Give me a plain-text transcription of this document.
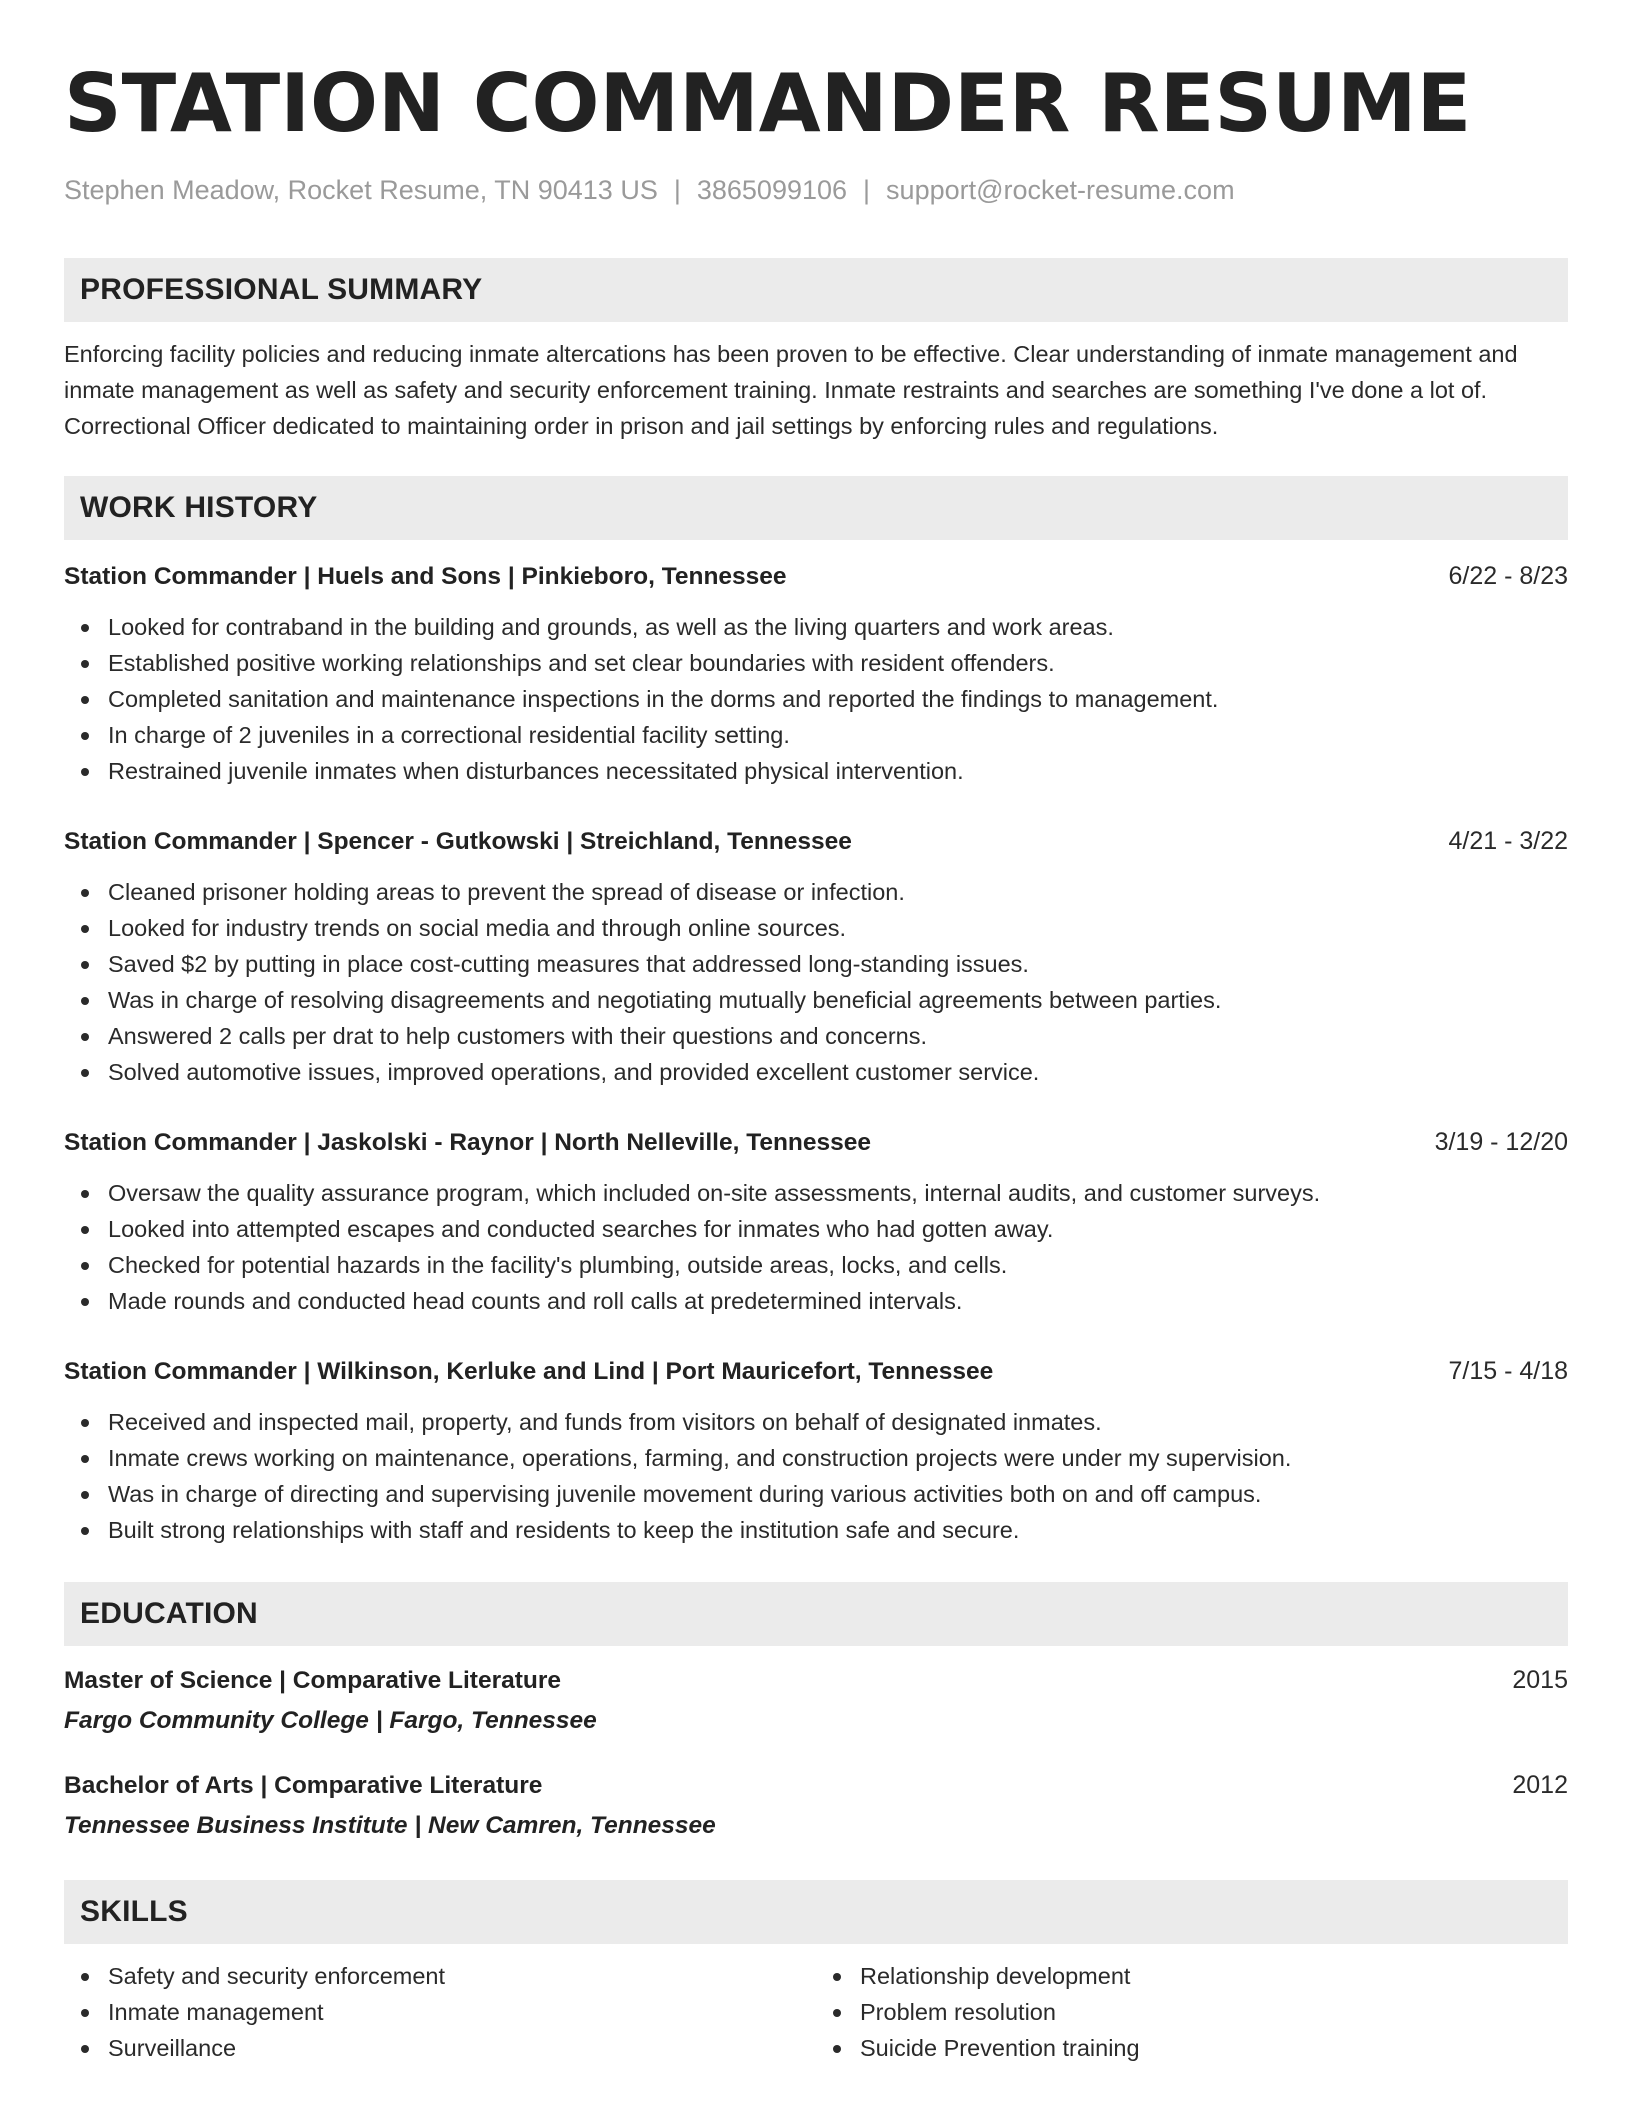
STATION COMMANDER RESUME
Stephen Meadow, Rocket Resume, TN 90413 US | 3865099106 | support@rocket-resume.com
PROFESSIONAL SUMMARY

Enforcing facility policies and reducing inmate altercations has been proven to be effective. Clear understanding of inmate management and inmate management as well as safety and security enforcement training. Inmate restraints and searches are something I've done a lot of. Correctional Officer dedicated to maintaining order in prison and jail settings by enforcing rules and regulations.

WORK HISTORY
Station Commander | Huels and Sons | Pinkieboro, Tennessee	6/22 - 8/23
Looked for contraband in the building and grounds, as well as the living quarters and work areas.
Established positive working relationships and set clear boundaries with resident offenders.
Completed sanitation and maintenance inspections in the dorms and reported the findings to management.
In charge of 2 juveniles in a correctional residential facility setting.
Restrained juvenile inmates when disturbances necessitated physical intervention.
Station Commander | Spencer - Gutkowski | Streichland, Tennessee	4/21 - 3/22
Cleaned prisoner holding areas to prevent the spread of disease or infection.
Looked for industry trends on social media and through online sources.
Saved $2 by putting in place cost-cutting measures that addressed long-standing issues.
Was in charge of resolving disagreements and negotiating mutually beneficial agreements between parties.
Answered 2 calls per drat to help customers with their questions and concerns.
Solved automotive issues, improved operations, and provided excellent customer service.
Station Commander | Jaskolski - Raynor | North Nelleville, Tennessee	3/19 - 12/20
Oversaw the quality assurance program, which included on-site assessments, internal audits, and customer surveys.
Looked into attempted escapes and conducted searches for inmates who had gotten away.
Checked for potential hazards in the facility's plumbing, outside areas, locks, and cells.
Made rounds and conducted head counts and roll calls at predetermined intervals.
Station Commander | Wilkinson, Kerluke and Lind | Port Mauricefort, Tennessee	7/15 - 4/18
Received and inspected mail, property, and funds from visitors on behalf of designated inmates.
Inmate crews working on maintenance, operations, farming, and construction projects were under my supervision.
Was in charge of directing and supervising juvenile movement during various activities both on and off campus.
Built strong relationships with staff and residents to keep the institution safe and secure.
EDUCATION
Master of Science | Comparative Literature	2015
Fargo Community College | Fargo, Tennessee
Bachelor of Arts | Comparative Literature	2012
Tennessee Business Institute | New Camren, Tennessee
SKILLS
Safety and security enforcement
Inmate management
Surveillance
Relationship development
Problem resolution
Suicide Prevention training
